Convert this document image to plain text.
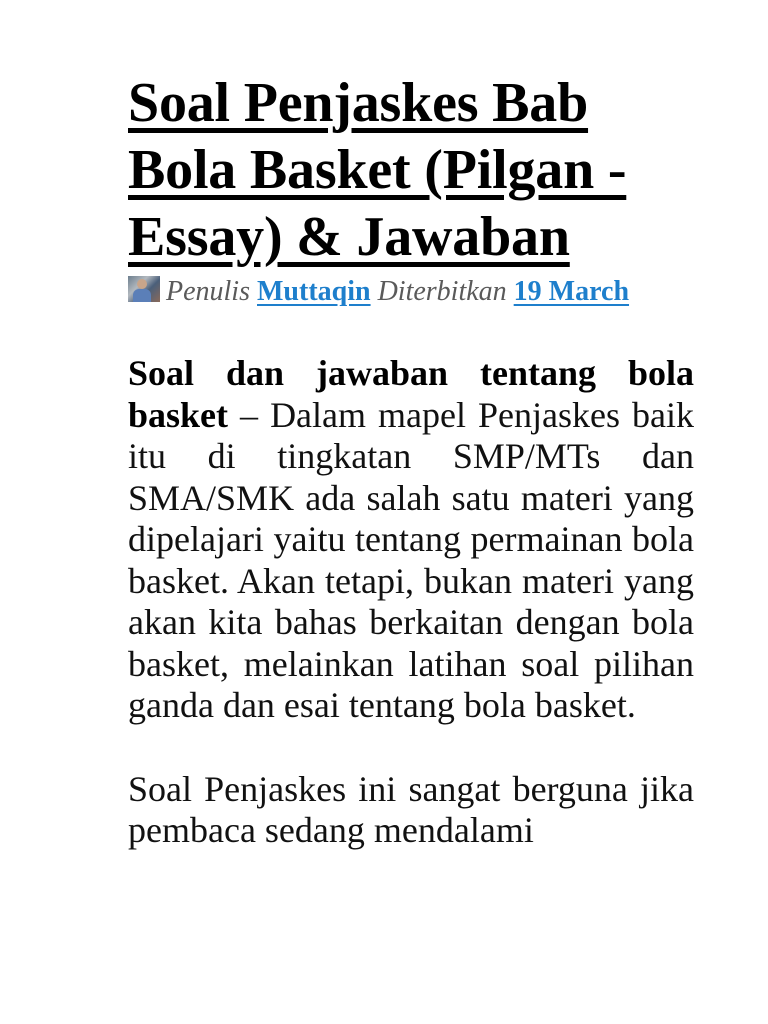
Soal Penjaskes Bab Bola Basket (Pilgan - Essay) & Jawaban
Penulis Muttaqin Diterbitkan 19 March

Soal dan jawaban tentang bola basket – Dalam mapel Penjaskes baik itu di tingkatan SMP/MTs dan SMA/SMK ada salah satu materi yang dipelajari yaitu tentang permainan bola basket. Akan tetapi, bukan materi yang akan kita bahas berkaitan dengan bola basket, melainkan latihan soal pilihan ganda dan esai tentang bola basket.

Soal Penjaskes ini sangat berguna jika pembaca sedang mendalami
